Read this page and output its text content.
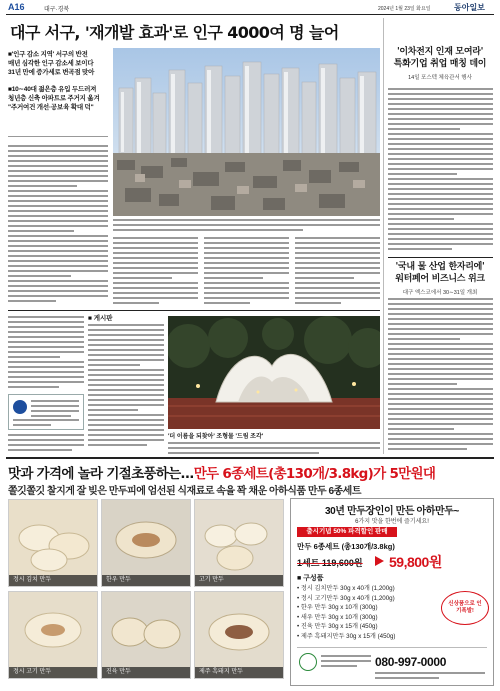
A16	대구·경북	2024년 1월 23일 화요일	동아일보
대구 서구, '재개발 효과'로 인구 4000여 명 늘어
■'인구 감소 지역' 서구의 반전
매년 심각한 인구 감소세 보이다
31년 만에 증가세로 변곡점 맞아
■10∼40대 젊은층 유입 두드러져
청년층 신축 아파트로 주거지 옮겨
"주거여건 개선·공보육 확대 덕"
'이차전지 인재 모여라'
특화기업 취업 매칭 데이
14일 포스텍 체육관서 행사
'국내 물 산업 한자리에'
워터페어 비즈니스 위크
대구 엑스코에서 30∼31일 개최
■ 게시판
'더 이름을 되찾아' 조형물 '드림 조각'
맛과 가격에 놀라 기절초풍하는...만두 6종세트(총130개/3.8kg)가 5만원대
쫄깃쫄깃 찰지게 잘 빚은 만두피에 엄선된 식재료로 속을 꽉 채운 아하식품 만두 6종세트
정시 김치 만두	한우 만두	고기 만두
정시 고기 만두	진육 만두	제주 흑돼지 만두
30년 만두장인이 만든 아하만두~
6가지 맛을 한번에 즐기세요!
출시기념 50% 파격할인 판매
만두 6종세트 (총130개/3.8kg)
1세트 119,600원 59,800원
■ 구성품
• 정시 김치만두 30g x 40개 (1,200g)
• 정시 고기만두 30g x 40개 (1,200g)
• 한우 만두 30g x 10개 (300g)
• 새우 만두 30g x 10개 (300g)
• 진육 만두 30g x 15개 (450g)
• 제주 흑돼지만두 30g x 15개 (450g)
신상품으로 인기폭발!
080-997-0000
